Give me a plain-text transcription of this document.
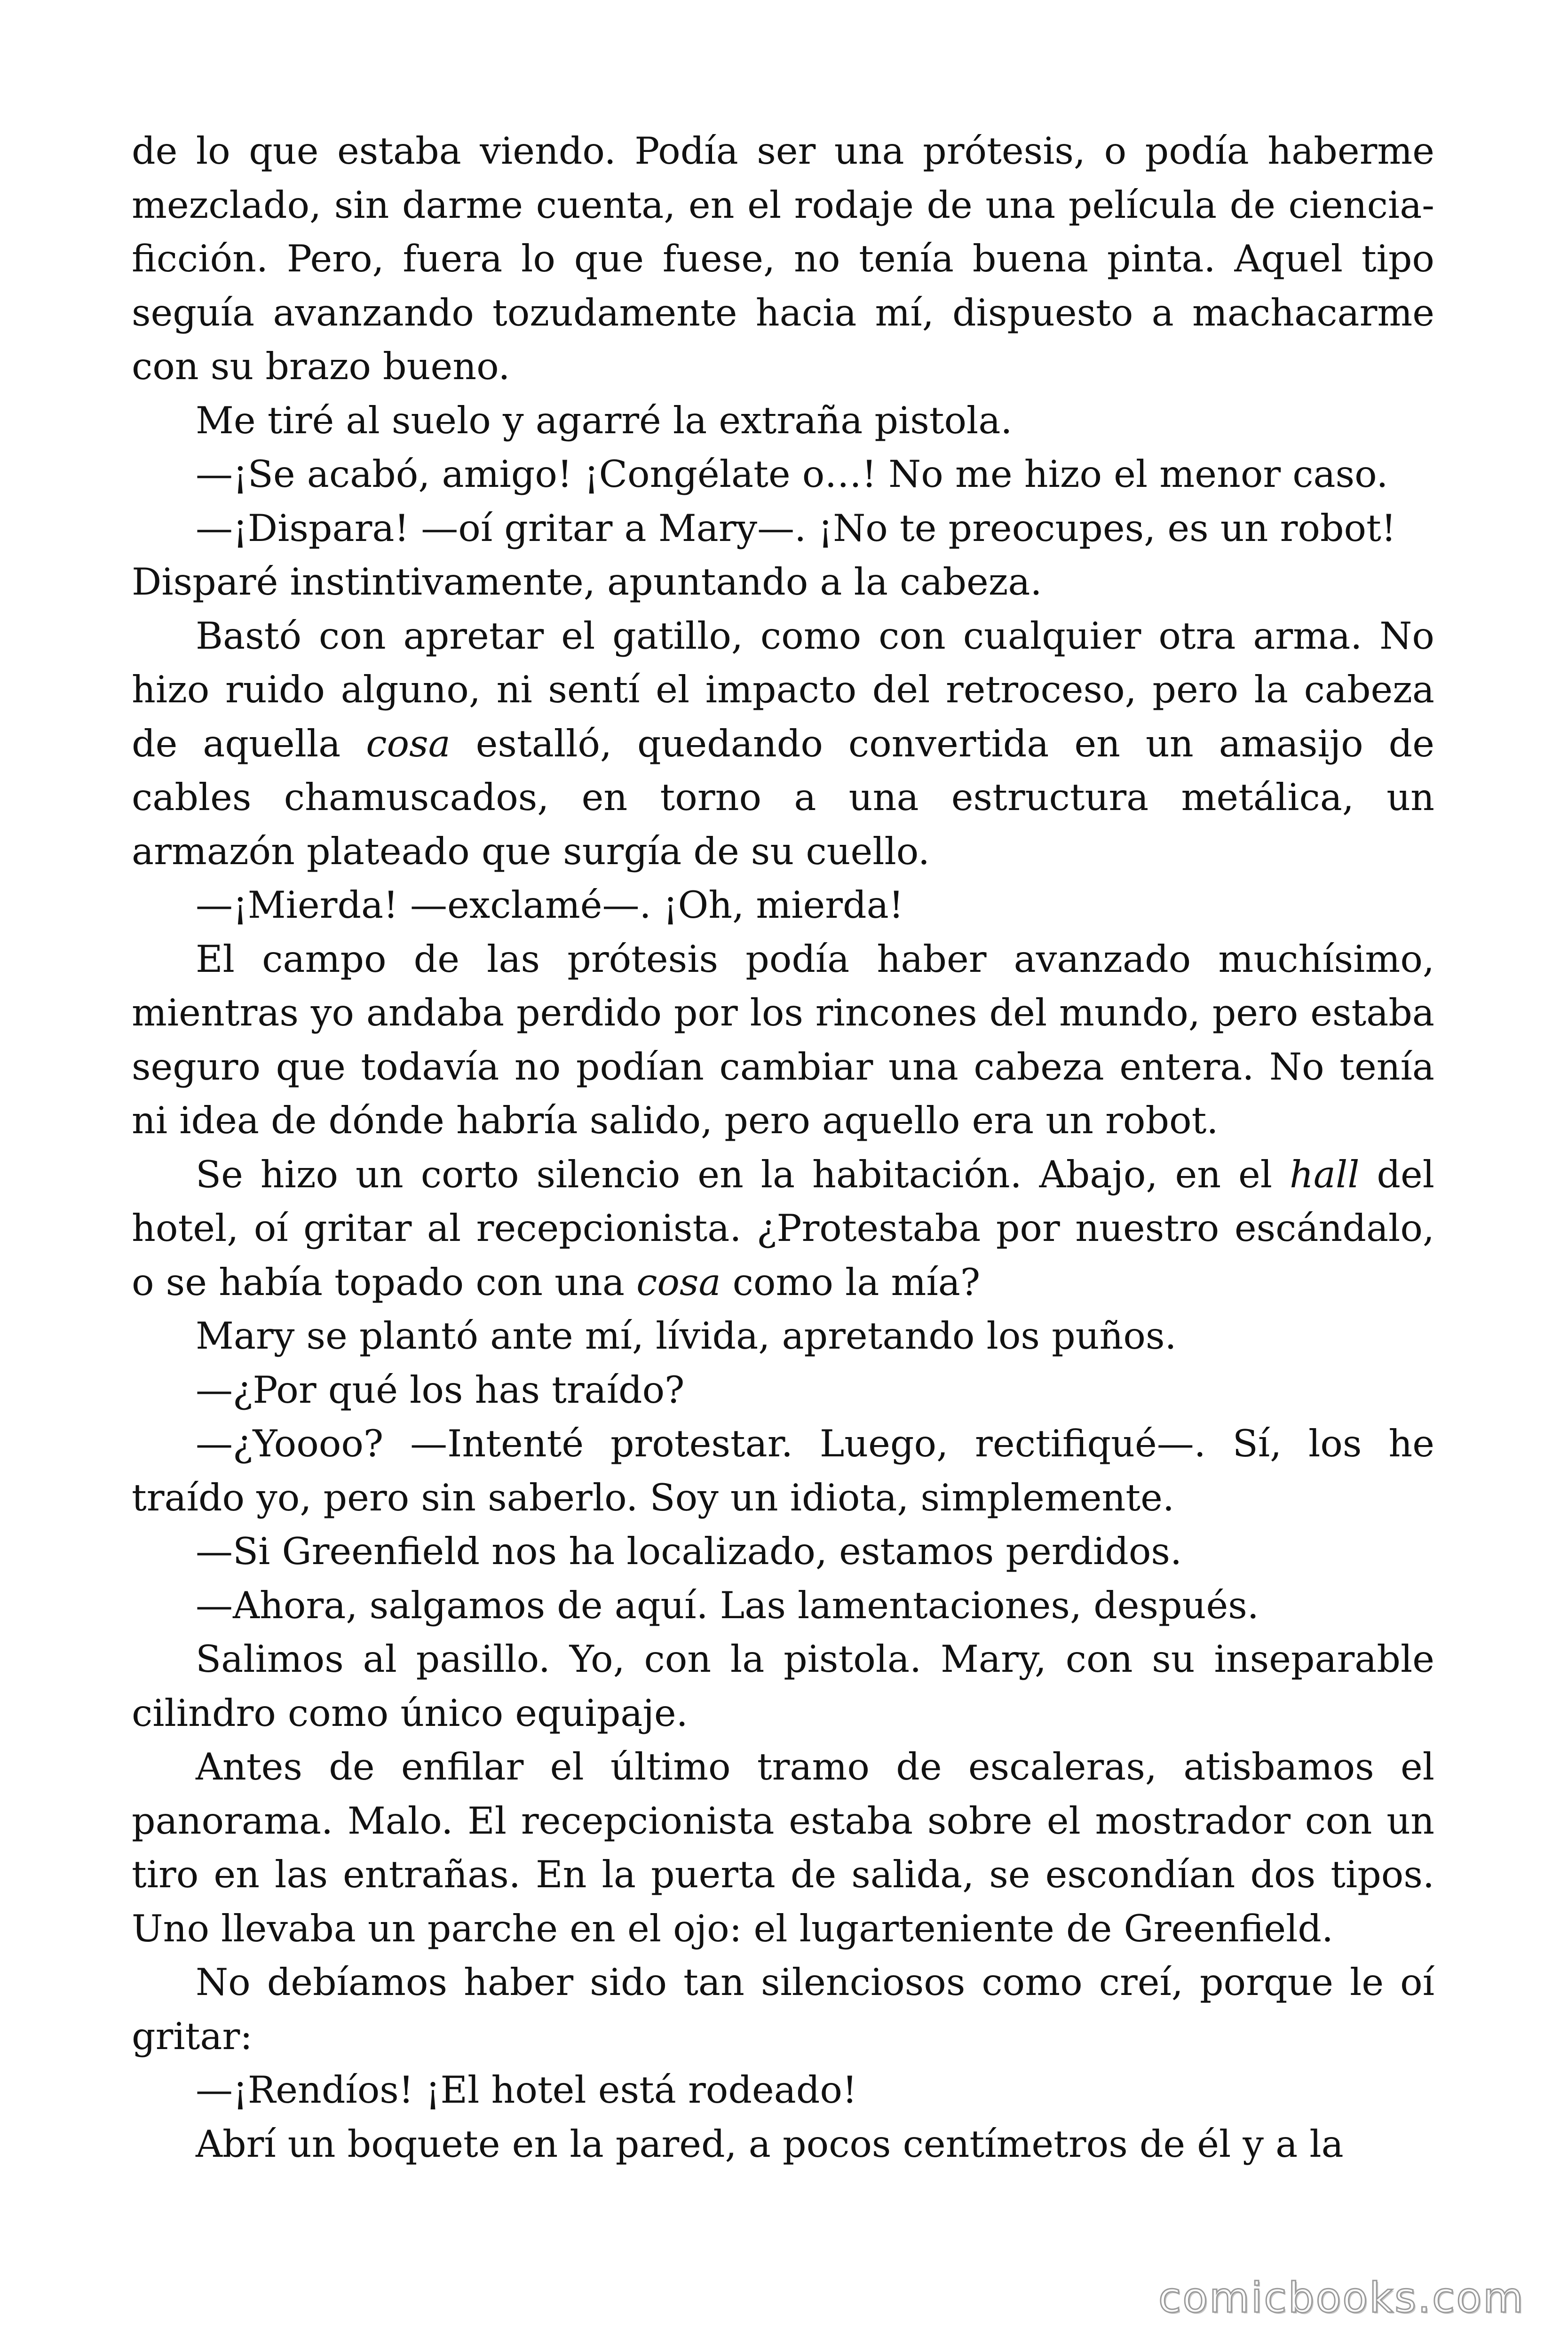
de lo que estaba viendo. Podía ser una prótesis, o podía haberme mezclado, sin darme cuenta, en el rodaje de una película de ciencia-ficción. Pero, fuera lo que fuese, no tenía buena pinta. Aquel tipo seguía avanzando tozudamente hacia mí, dispuesto a machacarme con su brazo bueno.

Me tiré al suelo y agarré la extraña pistola.

—¡Se acabó, amigo! ¡Congélate o…! No me hizo el menor caso.

—¡Dispara! —oí gritar a Mary—. ¡No te preocupes, es un robot!

Disparé instintivamente, apuntando a la cabeza.

Bastó con apretar el gatillo, como con cualquier otra arma. No hizo ruido alguno, ni sentí el impacto del retroceso, pero la cabeza de aquella cosa estalló, quedando convertida en un amasijo de cables chamuscados, en torno a una estructura metálica, un armazón plateado que surgía de su cuello.

—¡Mierda! —exclamé—. ¡Oh, mierda!

El campo de las prótesis podía haber avanzado muchísimo, mientras yo andaba perdido por los rincones del mundo, pero estaba seguro que todavía no podían cambiar una cabeza entera. No tenía ni idea de dónde habría salido, pero aquello era un robot.

Se hizo un corto silencio en la habitación. Abajo, en el hall del hotel, oí gritar al recepcionista. ¿Protestaba por nuestro escándalo, o se había topado con una cosa como la mía?

Mary se plantó ante mí, lívida, apretando los puños.

—¿Por qué los has traído?

—¿Yoooo? —Intenté protestar. Luego, rectifiqué—. Sí, los he traído yo, pero sin saberlo. Soy un idiota, simplemente.

—Si Greenfield nos ha localizado, estamos perdidos.

—Ahora, salgamos de aquí. Las lamentaciones, después.

Salimos al pasillo. Yo, con la pistola. Mary, con su inseparable cilindro como único equipaje.

Antes de enfilar el último tramo de escaleras, atisbamos el panorama. Malo. El recepcionista estaba sobre el mostrador con un tiro en las entrañas. En la puerta de salida, se escondían dos tipos. Uno llevaba un parche en el ojo: el lugarteniente de Greenfield.

No debíamos haber sido tan silenciosos como creí, porque le oí gritar:

—¡Rendíos! ¡El hotel está rodeado!

Abrí un boquete en la pared, a pocos centímetros de él y a la

comicbooks.com
